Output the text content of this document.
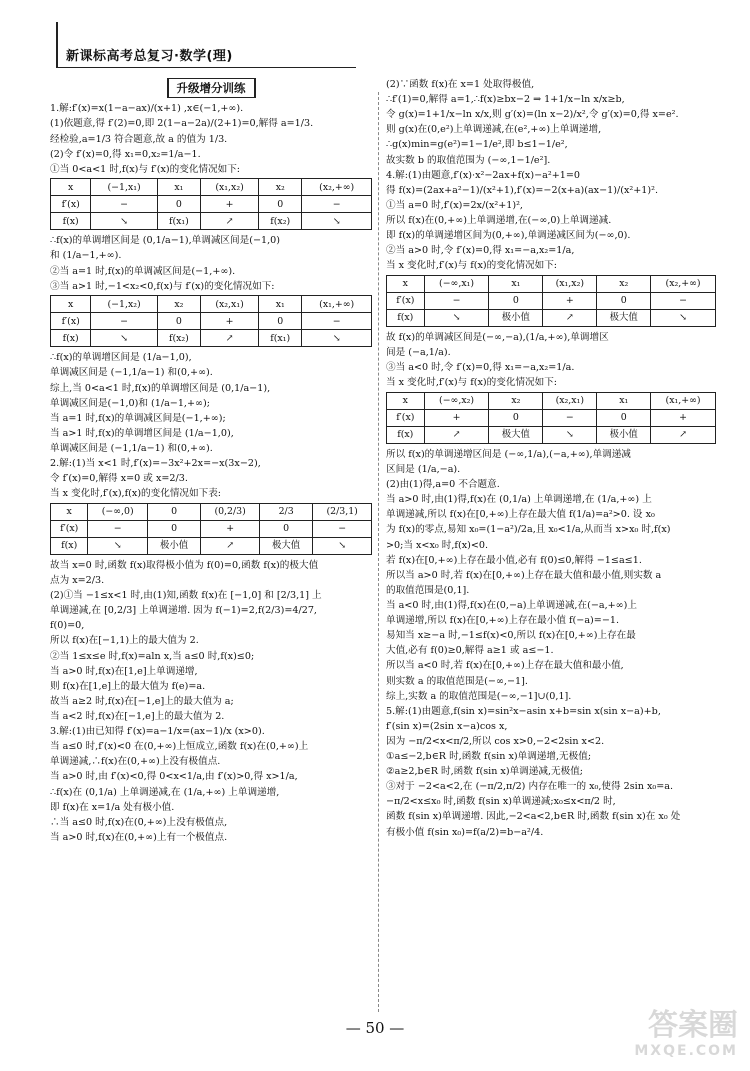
新课标高考总复习·数学(理)
升级增分训练

1.解:f′(x)=x(1−a−ax)/(x+1) ,x∈(−1,+∞).

(1)依题意,得 f′(2)=0,即 2(1−a−2a)/(2+1)=0,解得 a=1/3.

经检验,a=1/3 符合题意,故 a 的值为 1/3.

(2)令 f′(x)=0,得 x₁=0,x₂=1/a−1.

①当 0<a<1 时,f(x)与 f′(x)的变化情况如下:

x	(−1,x₁)	x₁	(x₁,x₂)	x₂	(x₂,+∞)
f′(x)	−	0	+	0	−
f(x)	↘	f(x₁)	↗	f(x₂)	↘

∴f(x)的单调增区间是 (0,1/a−1),单调减区间是(−1,0)

和 (1/a−1,+∞).

②当 a=1 时,f(x)的单调减区间是(−1,+∞).

③当 a>1 时,−1<x₂<0,f(x)与 f′(x)的变化情况如下:

x	(−1,x₂)	x₂	(x₂,x₁)	x₁	(x₁,+∞)
f′(x)	−	0	+	0	−
f(x)	↘	f(x₂)	↗	f(x₁)	↘

∴f(x)的单调增区间是 (1/a−1,0),

单调减区间是 (−1,1/a−1) 和(0,+∞).

综上,当 0<a<1 时,f(x)的单调增区间是 (0,1/a−1),

单调减区间是(−1,0)和 (1/a−1,+∞);

当 a=1 时,f(x)的单调减区间是(−1,+∞);

当 a>1 时,f(x)的单调增区间是 (1/a−1,0),

单调减区间是 (−1,1/a−1) 和(0,+∞).

2.解:(1)当 x<1 时,f′(x)=−3x²+2x=−x(3x−2),

令 f′(x)=0,解得 x=0 或 x=2/3.

当 x 变化时,f′(x),f(x)的变化情况如下表:

x	(−∞,0)	0	(0,2/3)	2/3	(2/3,1)
f′(x)	−	0	+	0	−
f(x)	↘	极小值	↗	极大值	↘

故当 x=0 时,函数 f(x)取得极小值为 f(0)=0,函数 f(x)的极大值

点为 x=2/3.

(2)①当 −1≤x<1 时,由(1)知,函数 f(x)在 [−1,0] 和 [2/3,1] 上

单调递减,在 [0,2/3] 上单调递增. 因为 f(−1)=2,f(2/3)=4/27,

f(0)=0,

所以 f(x)在[−1,1)上的最大值为 2.

②当 1≤x≤e 时,f(x)=aln x,当 a≤0 时,f(x)≤0;

当 a>0 时,f(x)在[1,e]上单调递增,

则 f(x)在[1,e]上的最大值为 f(e)=a.

故当 a≥2 时,f(x)在[−1,e]上的最大值为 a;

当 a<2 时,f(x)在[−1,e]上的最大值为 2.

3.解:(1)由已知得 f′(x)=a−1/x=(ax−1)/x (x>0).

当 a≤0 时,f′(x)<0 在(0,+∞)上恒成立,函数 f(x)在(0,+∞)上

单调递减,∴f(x)在(0,+∞)上没有极值点.

当 a>0 时,由 f′(x)<0,得 0<x<1/a,由 f′(x)>0,得 x>1/a,

∴f(x)在 (0,1/a) 上单调递减,在 (1/a,+∞) 上单调递增,

即 f(x)在 x=1/a 处有极小值.

∴当 a≤0 时,f(x)在(0,+∞)上没有极值点,

当 a>0 时,f(x)在(0,+∞)上有一个极值点.

(2)∵函数 f(x)在 x=1 处取得极值,

∴f′(1)=0,解得 a=1,∴f(x)≥bx−2 ⇒ 1+1/x−ln x/x≥b,

令 g(x)=1+1/x−ln x/x,则 g′(x)=(ln x−2)/x²,令 g′(x)=0,得 x=e².

则 g(x)在(0,e²)上单调递减,在(e²,+∞)上单调递增,

∴g(x)min=g(e²)=1−1/e²,即 b≤1−1/e²,

故实数 b 的取值范围为 (−∞,1−1/e²].

4.解:(1)由题意,f′(x)·x²−2ax+f(x)−a²+1=0

得 f(x)=(2ax+a²−1)/(x²+1),f′(x)=−2(x+a)(ax−1)/(x²+1)².

①当 a=0 时,f′(x)=2x/(x²+1)²,

所以 f(x)在(0,+∞)上单调递增,在(−∞,0)上单调递减.

即 f(x)的单调递增区间为(0,+∞),单调递减区间为(−∞,0).

②当 a>0 时,令 f′(x)=0,得 x₁=−a,x₂=1/a,

当 x 变化时,f′(x)与 f(x)的变化情况如下:

x	(−∞,x₁)	x₁	(x₁,x₂)	x₂	(x₂,+∞)
f′(x)	−	0	+	0	−
f(x)	↘	极小值	↗	极大值	↘

故 f(x)的单调减区间是(−∞,−a),(1/a,+∞),单调增区

间是 (−a,1/a).

③当 a<0 时,令 f′(x)=0,得 x₁=−a,x₂=1/a.

当 x 变化时,f′(x)与 f(x)的变化情况如下:

x	(−∞,x₂)	x₂	(x₂,x₁)	x₁	(x₁,+∞)
f′(x)	+	0	−	0	+
f(x)	↗	极大值	↘	极小值	↗

所以 f(x)的单调递增区间是 (−∞,1/a),(−a,+∞),单调递减

区间是 (1/a,−a).

(2)由(1)得,a=0 不合题意.

当 a>0 时,由(1)得,f(x)在 (0,1/a) 上单调递增,在 (1/a,+∞) 上

单调递减,所以 f(x)在[0,+∞)上存在最大值 f(1/a)=a²>0. 设 x₀

为 f(x)的零点,易知 x₀=(1−a²)/2a,且 x₀<1/a,从而当 x>x₀ 时,f(x)

>0;当 x<x₀ 时,f(x)<0.

若 f(x)在[0,+∞)上存在最小值,必有 f(0)≤0,解得 −1≤a≤1.

所以当 a>0 时,若 f(x)在[0,+∞)上存在最大值和最小值,则实数 a

的取值范围是(0,1].

当 a<0 时,由(1)得,f(x)在(0,−a)上单调递减,在(−a,+∞)上

单调递增,所以 f(x)在[0,+∞)上存在最小值 f(−a)=−1.

易知当 x≥−a 时,−1≤f(x)<0,所以 f(x)在[0,+∞)上存在最

大值,必有 f(0)≥0,解得 a≥1 或 a≤−1.

所以当 a<0 时,若 f(x)在[0,+∞)上存在最大值和最小值,

则实数 a 的取值范围是(−∞,−1].

综上,实数 a 的取值范围是(−∞,−1]∪(0,1].

5.解:(1)由题意,f(sin x)=sin²x−asin x+b=sin x(sin x−a)+b,

f′(sin x)=(2sin x−a)cos x,

因为 −π/2<x<π/2,所以 cos x>0,−2<2sin x<2.

①a≤−2,b∈R 时,函数 f(sin x)单调递增,无极值;

②a≥2,b∈R 时,函数 f(sin x)单调递减,无极值;

③对于 −2<a<2,在 (−π/2,π/2) 内存在唯一的 x₀,使得 2sin x₀=a.

−π/2<x≤x₀ 时,函数 f(sin x)单调递减;x₀≤x<π/2 时,

函数 f(sin x)单调递增. 因此,−2<a<2,b∈R 时,函数 f(sin x)在 x₀ 处

有极小值 f(sin x₀)=f(a/2)=b−a²/4.

— 50 —	答案圈
MXQE.COM
